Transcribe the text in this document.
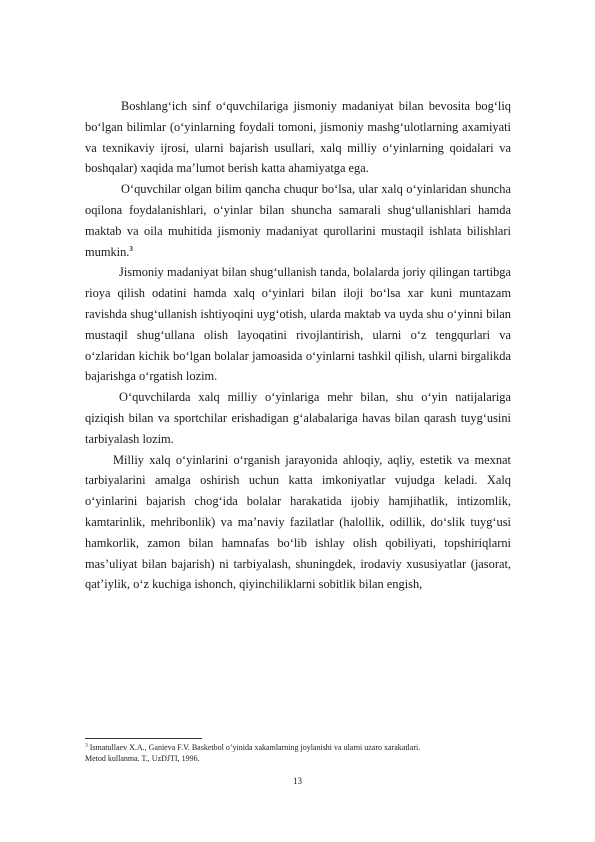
Boshlang‘ich sinf o‘quvchilariga jismoniy madaniyat bilan bevosita bog‘liq bo‘lgan bilimlar (o‘yinlarning foydali tomoni, jismoniy mashg‘ulotlarning axamiyati va texnikaviy ijrosi, ularni bajarish usullari, xalq milliy o‘yinlarning qoidalari va boshqalar) xaqida ma’lumot berish katta ahamiyatga ega.

O‘quvchilar olgan bilim qancha chuqur bo‘lsa, ular xalq o‘yinlaridan shuncha oqilona foydalanishlari, o‘yinlar bilan shuncha samarali shug‘ullanishlari hamda maktab va oila muhitida jismoniy madaniyat qurollarini mustaqil ishlata bilishlari mumkin.$^3$

Jismoniy madaniyat bilan shug‘ullanish tanda, bolalarda joriy qilingan tartibga rioya qilish odatini hamda xalq o‘yinlari bilan iloji bo‘lsa xar kuni muntazam ravishda shug‘ullanish ishtiyoqini uyg‘otish, ularda maktab va uyda shu o‘yinni bilan mustaqil shug‘ullana olish layoqatini rivojlantirish, ularni o‘z tengqurlari va o‘zlaridan kichik bo‘lgan bolalar jamoasida o‘yinlarni tashkil qilish, ularni birgalikda bajarishga o‘rgatish lozim.

O‘quvchilarda xalq milliy o‘yinlariga mehr bilan, shu o‘yin natijalariga qiziqish bilan va sportchilar erishadigan g‘alabalariga havas bilan qarash tuyg‘usini tarbiyalash lozim.

Milliy xalq o‘yinlarini o‘rganish jarayonida ahloqiy, aqliy, estetik va mexnat tarbiyalarini amalga oshirish uchun katta imkoniyatlar vujudga keladi. Xalq o‘yinlarini bajarish chog‘ida bolalar harakatida ijobiy hamjihatlik, intizomlik, kamtarinlik, mehribonlik) va ma’naviy fazilatlar (halollik, odillik, do‘slik tuyg‘usi hamkorlik, zamon bilan hamnafas bo‘lib ishlay olish qobiliyati, topshiriqlarni mas’uliyat bilan bajarish) ni tarbiyalash, shuningdek, irodaviy xususiyatlar (jasorat, qat’iylik, o‘z kuchiga ishonch, qiyinchiliklarni sobitlik bilan engish,

$^3$ Ismatullaev X.A., Ganieva F.V. Basketbol o’yinida xakamlarning joylanishi va ularni uzaro xarakatlari.
Metod kullanma. T., UzDJTI, 1996.
13
